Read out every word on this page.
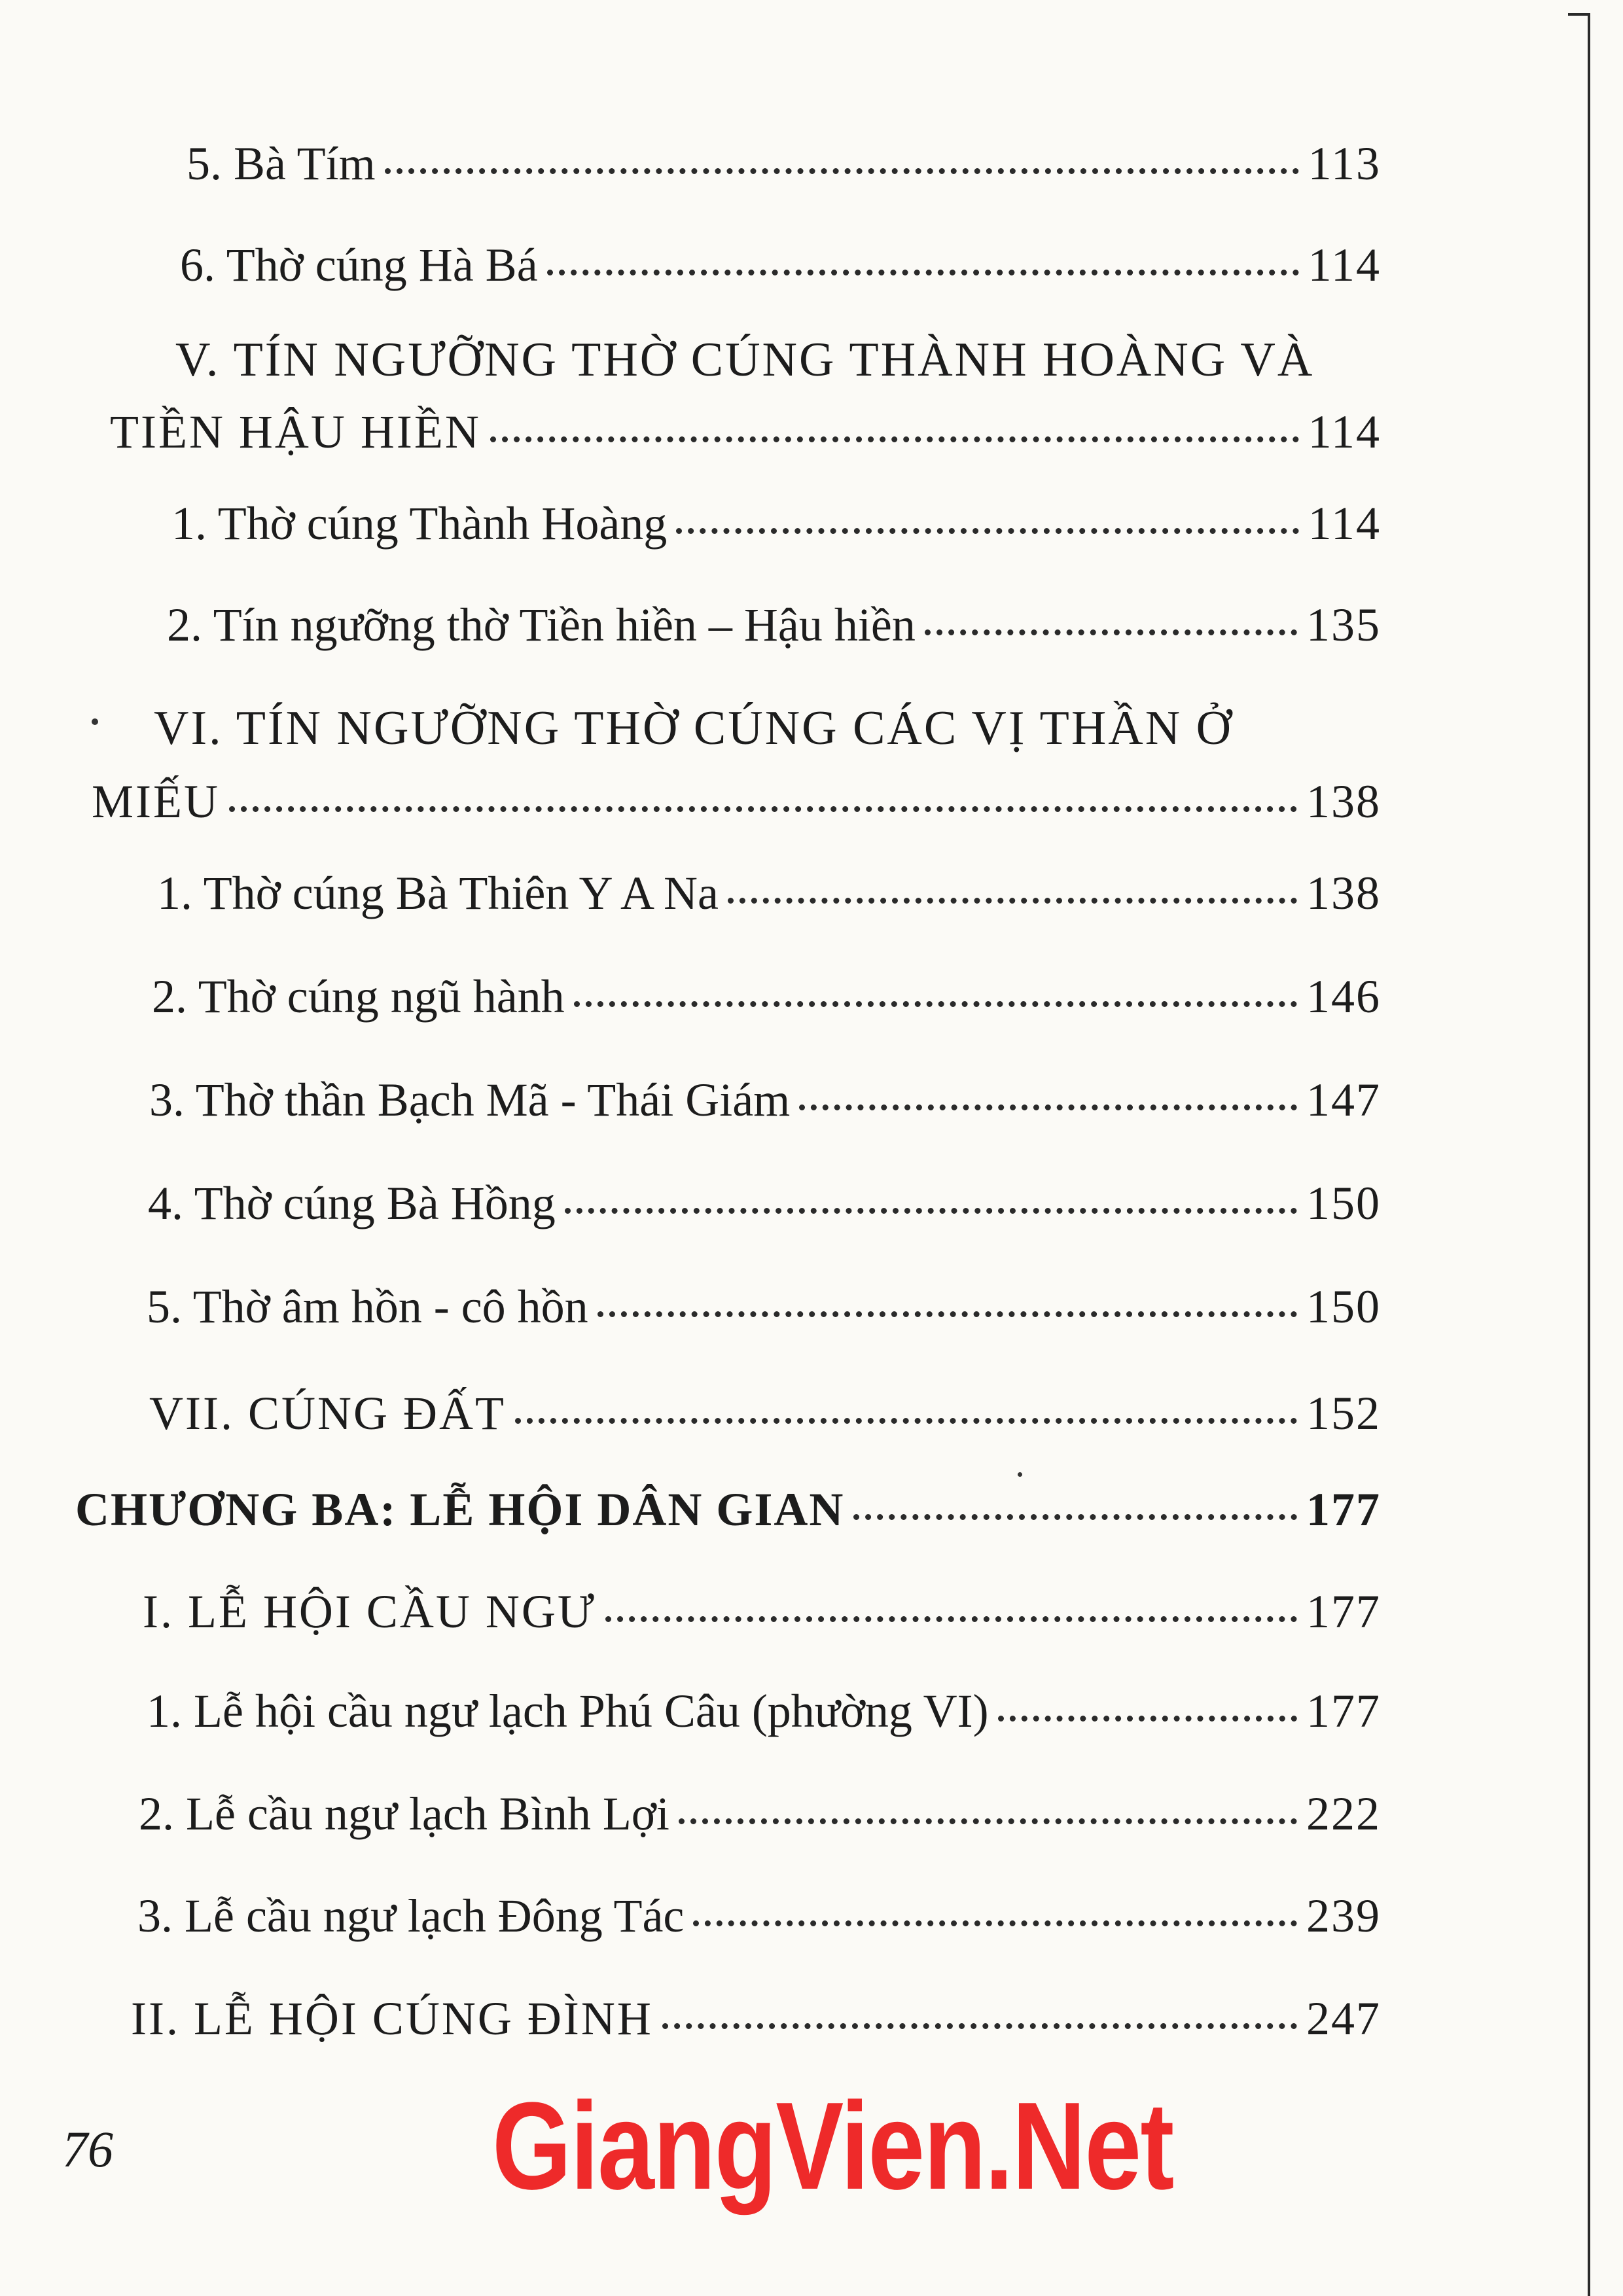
5. Bà Tím	113
6. Thờ cúng Hà Bá	114
V. TÍN NGƯỠNG THỜ CÚNG THÀNH HOÀNG VÀ
TIỀN HẬU HIỀN	114
1. Thờ cúng Thành Hoàng	114
2. Tín ngưỡng thờ Tiền hiền – Hậu hiền	135
VI. TÍN NGƯỠNG THỜ CÚNG CÁC VỊ THẦN Ở
MIẾU	138
1. Thờ cúng Bà Thiên Y A Na	138
2. Thờ cúng ngũ hành	146
3. Thờ thần Bạch Mã - Thái Giám	147
4. Thờ cúng Bà Hồng	150
5. Thờ âm hồn - cô hồn	150
VII. CÚNG ĐẤT	152
CHƯƠNG BA: LỄ HỘI DÂN GIAN	177
I. LỄ HỘI CẦU NGƯ	177
1. Lễ hội cầu ngư lạch Phú Câu (phường VI)	177
2. Lễ cầu ngư lạch Bình Lợi	222
3. Lễ cầu ngư lạch Đông Tác	239
II. LỄ HỘI CÚNG ĐÌNH	247
76	GiangVien.Net
